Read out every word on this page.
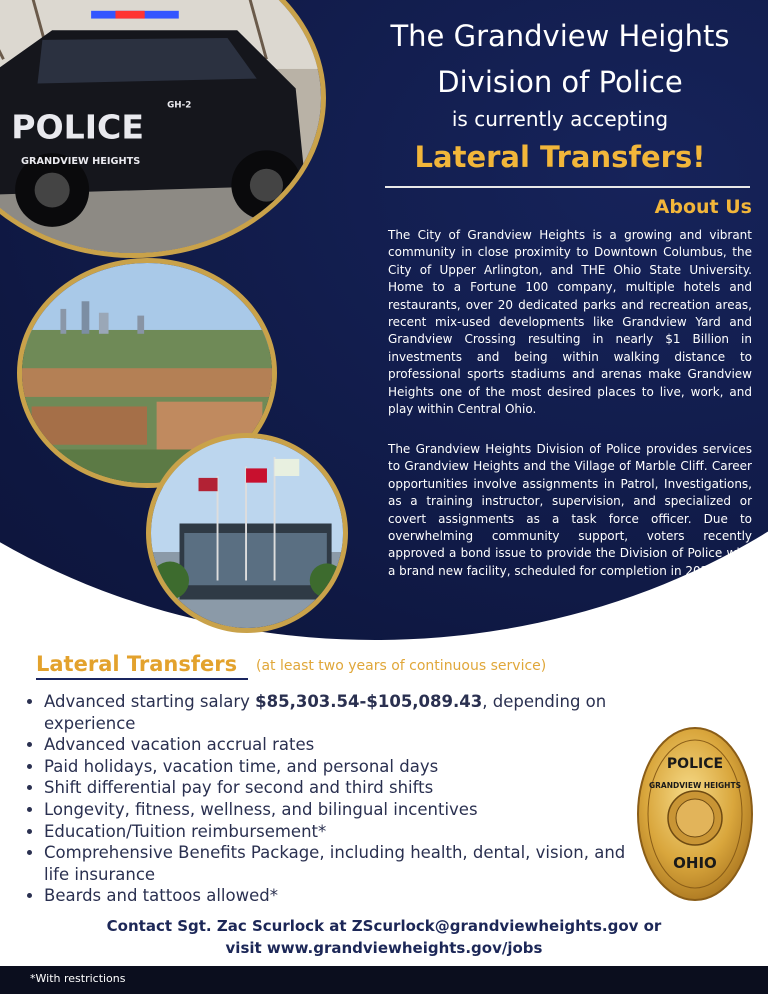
POLICE
GRANDVIEW HEIGHTS
GH-2
The Grandview Heights
Division of Police
is currently accepting
Lateral Transfers!
About Us

The City of Grandview Heights is a growing and vibrant community in close proximity to Downtown Columbus, the City of Upper Arlington, and THE Ohio State University. Home to a Fortune 100 company, multiple hotels and restaurants, over 20 dedicated parks and recreation areas, recent mix-used developments like Grandview Yard and Grandview Crossing resulting in nearly $1 Billion in investments and being within walking distance to professional sports stadiums and arenas make Grandview Heights one of the most desired places to live, work, and play within Central Ohio.

The Grandview Heights Division of Police provides services to Grandview Heights and the Village of Marble Cliff. Career opportunities involve assignments in Patrol, Investigations, as a training instructor, supervision, and specialized or covert assignments as a task force officer. Due to overwhelming community support, voters recently approved a bond issue to provide the Division of Police with a brand new facility, scheduled for completion in 2025.

Lateral Transfers (at least two years of continuous service)
• Advanced starting salary $85,303.54-$105,089.43, depending on experience
• Advanced vacation accrual rates
• Paid holidays, vacation time, and personal days
• Shift differential pay for second and third shifts
• Longevity, fitness, wellness, and bilingual incentives
• Education/Tuition reimbursement*
• Comprehensive Benefits Package, including health, dental, vision, and life insurance
• Beards and tattoos allowed*
POLICE
GRANDVIEW HEIGHTS
OHIO
Contact Sgt. Zac Scurlock at ZScurlock@grandviewheights.gov or
visit www.grandviewheights.gov/jobs
*With restrictions
